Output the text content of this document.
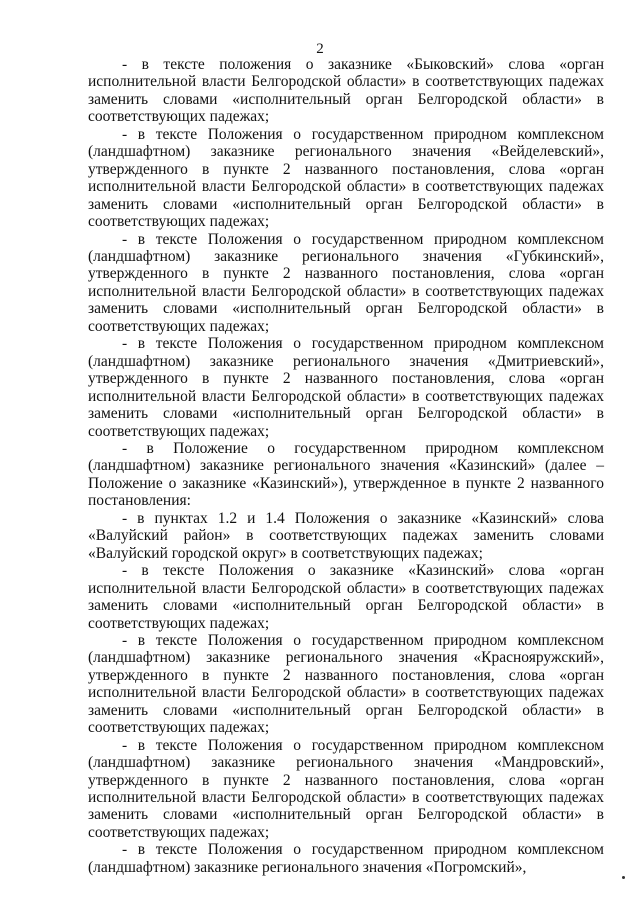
2

- в тексте положения о заказнике «Быковский» слова «орган исполнительной власти Белгородской области» в соответствующих падежах заменить словами «исполнительный орган Белгородской области» в соответствующих падежах;

- в тексте Положения о государственном природном комплексном (ландшафтном) заказнике регионального значения «Вейделевский», утвержденного в пункте 2 названного постановления, слова «орган исполнительной власти Белгородской области» в соответствующих падежах заменить словами «исполнительный орган Белгородской области» в соответствующих падежах;

- в тексте Положения о государственном природном комплексном (ландшафтном) заказнике регионального значения «Губкинский», утвержденного в пункте 2 названного постановления, слова «орган исполнительной власти Белгородской области» в соответствующих падежах заменить словами «исполнительный орган Белгородской области» в соответствующих падежах;

- в тексте Положения о государственном природном комплексном (ландшафтном) заказнике регионального значения «Дмитриевский», утвержденного в пункте 2 названного постановления, слова «орган исполнительной власти Белгородской области» в соответствующих падежах заменить словами «исполнительный орган Белгородской области» в соответствующих падежах;

- в Положение о государственном природном комплексном (ландшафтном) заказнике регионального значения «Казинский» (далее – Положение о заказнике «Казинский»), утвержденное в пункте 2 названного постановления:

- в пунктах 1.2 и 1.4 Положения о заказнике «Казинский» слова «Валуйский район» в соответствующих падежах заменить словами «Валуйский городской округ» в соответствующих падежах;

- в тексте Положения о заказнике «Казинский» слова «орган исполнительной власти Белгородской области» в соответствующих падежах заменить словами «исполнительный орган Белгородской области» в соответствующих падежах;

- в тексте Положения о государственном природном комплексном (ландшафтном) заказнике регионального значения «Краснояружский», утвержденного в пункте 2 названного постановления, слова «орган исполнительной власти Белгородской области» в соответствующих падежах заменить словами «исполнительный орган Белгородской области» в соответствующих падежах;

- в тексте Положения о государственном природном комплексном (ландшафтном) заказнике регионального значения «Мандровский», утвержденного в пункте 2 названного постановления, слова «орган исполнительной власти Белгородской области» в соответствующих падежах заменить словами «исполнительный орган Белгородской области» в соответствующих падежах;

- в тексте Положения о государственном природном комплексном (ландшафтном) заказнике регионального значения «Погромский»,
